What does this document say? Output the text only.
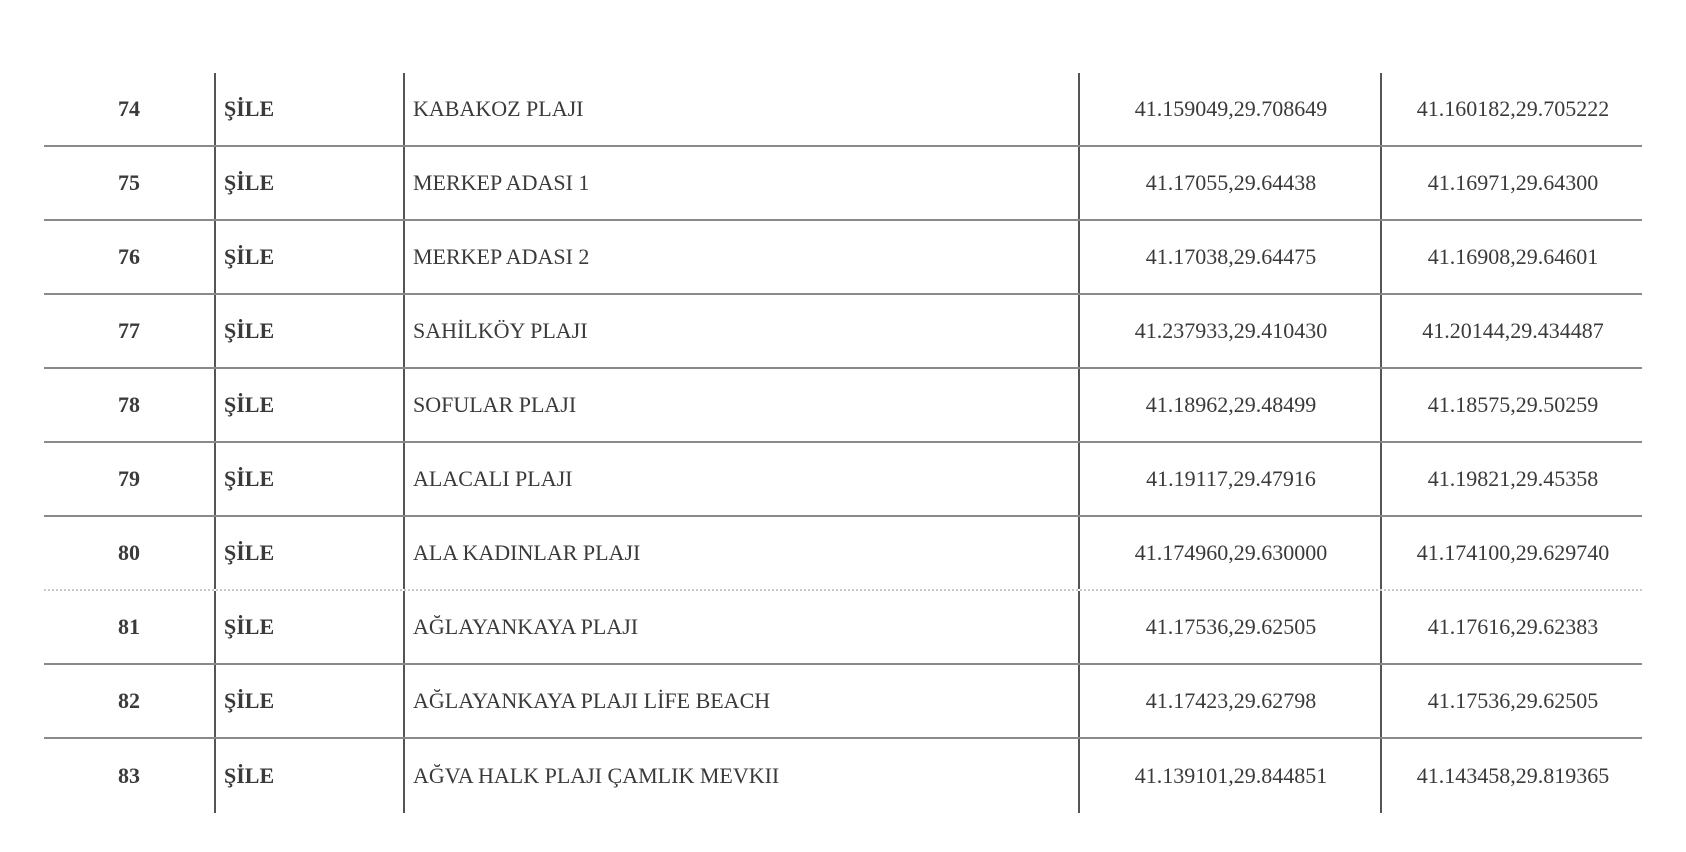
74	ŞİLE	KABAKOZ PLAJI	41.159049,29.708649	41.160182,29.705222
75	ŞİLE	MERKEP ADASI 1	41.17055,29.64438	41.16971,29.64300
76	ŞİLE	MERKEP ADASI 2	41.17038,29.64475	41.16908,29.64601
77	ŞİLE	SAHİLKÖY PLAJI	41.237933,29.410430	41.20144,29.434487
78	ŞİLE	SOFULAR PLAJI	41.18962,29.48499	41.18575,29.50259
79	ŞİLE	ALACALI PLAJI	41.19117,29.47916	41.19821,29.45358
80	ŞİLE	ALA KADINLAR PLAJI	41.174960,29.630000	41.174100,29.629740
81	ŞİLE	AĞLAYANKAYA PLAJI	41.17536,29.62505	41.17616,29.62383
82	ŞİLE	AĞLAYANKAYA PLAJI LİFE BEACH	41.17423,29.62798	41.17536,29.62505
83	ŞİLE	AĞVA HALK PLAJI ÇAMLIK MEVKII	41.139101,29.844851	41.143458,29.819365
